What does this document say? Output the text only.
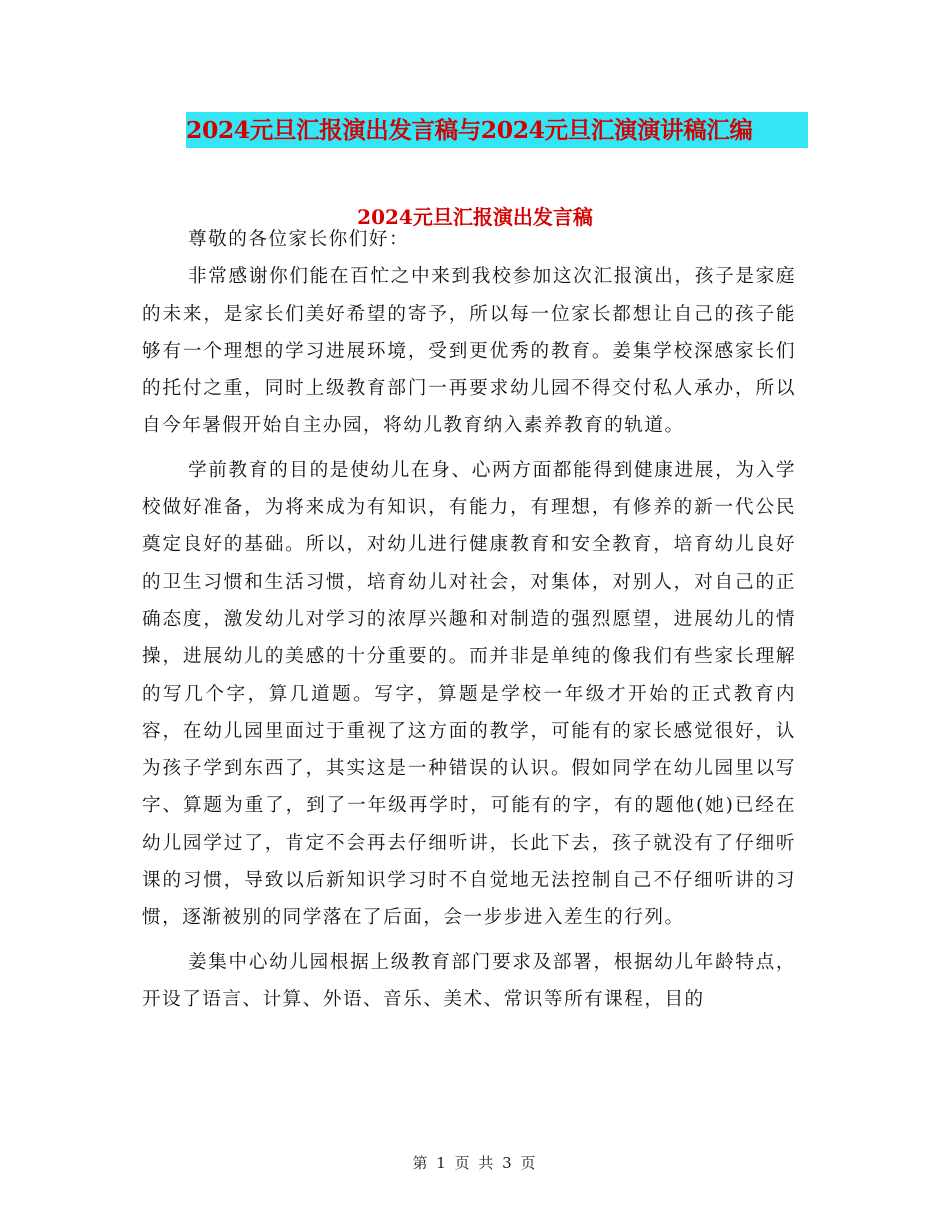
2024元旦汇报演出发言稿与2024元旦汇演演讲稿汇编
2024元旦汇报演出发言稿

尊敬的各位家长你们好：

非常感谢你们能在百忙之中来到我校参加这次汇报演出，孩子是家庭的未来，是家长们美好希望的寄予，所以每一位家长都想让自己的孩子能够有一个理想的学习进展环境，受到更优秀的教育。姜集学校深感家长们的托付之重，同时上级教育部门一再要求幼儿园不得交付私人承办，所以自今年暑假开始自主办园，将幼儿教育纳入素养教育的轨道。

学前教育的目的是使幼儿在身、心两方面都能得到健康进展，为入学校做好准备，为将来成为有知识，有能力，有理想，有修养的新一代公民奠定良好的基础。所以，对幼儿进行健康教育和安全教育，培育幼儿良好的卫生习惯和生活习惯，培育幼儿对社会，对集体，对别人，对自己的正确态度，激发幼儿对学习的浓厚兴趣和对制造的强烈愿望，进展幼儿的情操，进展幼儿的美感的十分重要的。而并非是单纯的像我们有些家长理解的写几个字，算几道题。写字，算题是学校一年级才开始的正式教育内容，在幼儿园里面过于重视了这方面的教学，可能有的家长感觉很好，认为孩子学到东西了，其实这是一种错误的认识。假如同学在幼儿园里以写字、算题为重了，到了一年级再学时，可能有的字，有的题他(她)已经在幼儿园学过了，肯定不会再去仔细听讲，长此下去，孩子就没有了仔细听课的习惯，导致以后新知识学习时不自觉地无法控制自己不仔细听讲的习惯，逐渐被别的同学落在了后面，会一步步进入差生的行列。

姜集中心幼儿园根据上级教育部门要求及部署，根据幼儿年龄特点，开设了语言、计算、外语、音乐、美术、常识等所有课程，目的

第 1 页 共 3 页
